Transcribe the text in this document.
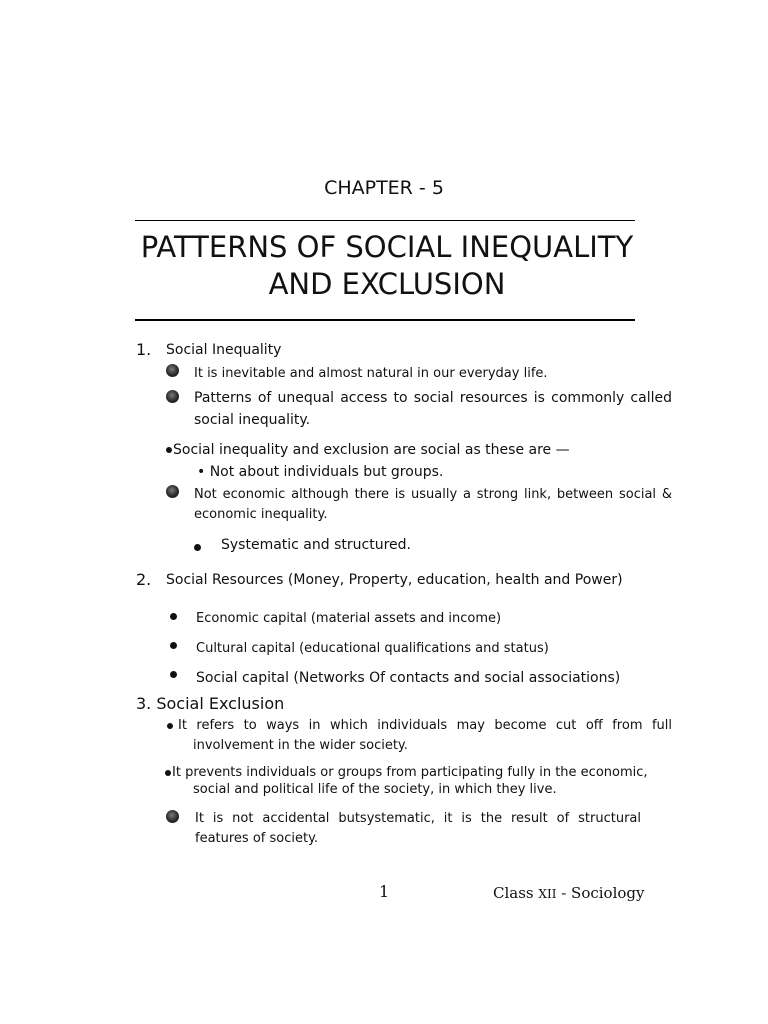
CHAPTER - 5
PATTERNS OF SOCIAL INEQUALITY
AND EXCLUSION
1. Social Inequality
It is inevitable and almost natural in our everyday life.
Patterns of unequal access to social resources is commonly called
social inequality.
Social inequality and exclusion are social as these are —
• Not about individuals but groups.
Not economic although there is usually a strong link, between social &
economic inequality.
Systematic and structured.
2. Social Resources (Money, Property, education, health and Power)
Economic capital (material assets and income)
Cultural capital (educational qualifications and status)
Social capital (Networks Of contacts and social associations)
3. Social Exclusion
It refers to ways in which individuals may become cut off from full
involvement in the wider society.
It prevents individuals or groups from participating fully in the economic,
social and political life of the society, in which they live.
It is not accidental butsystematic, it is the result of structural
features of society.
1	Class XII - Sociology
